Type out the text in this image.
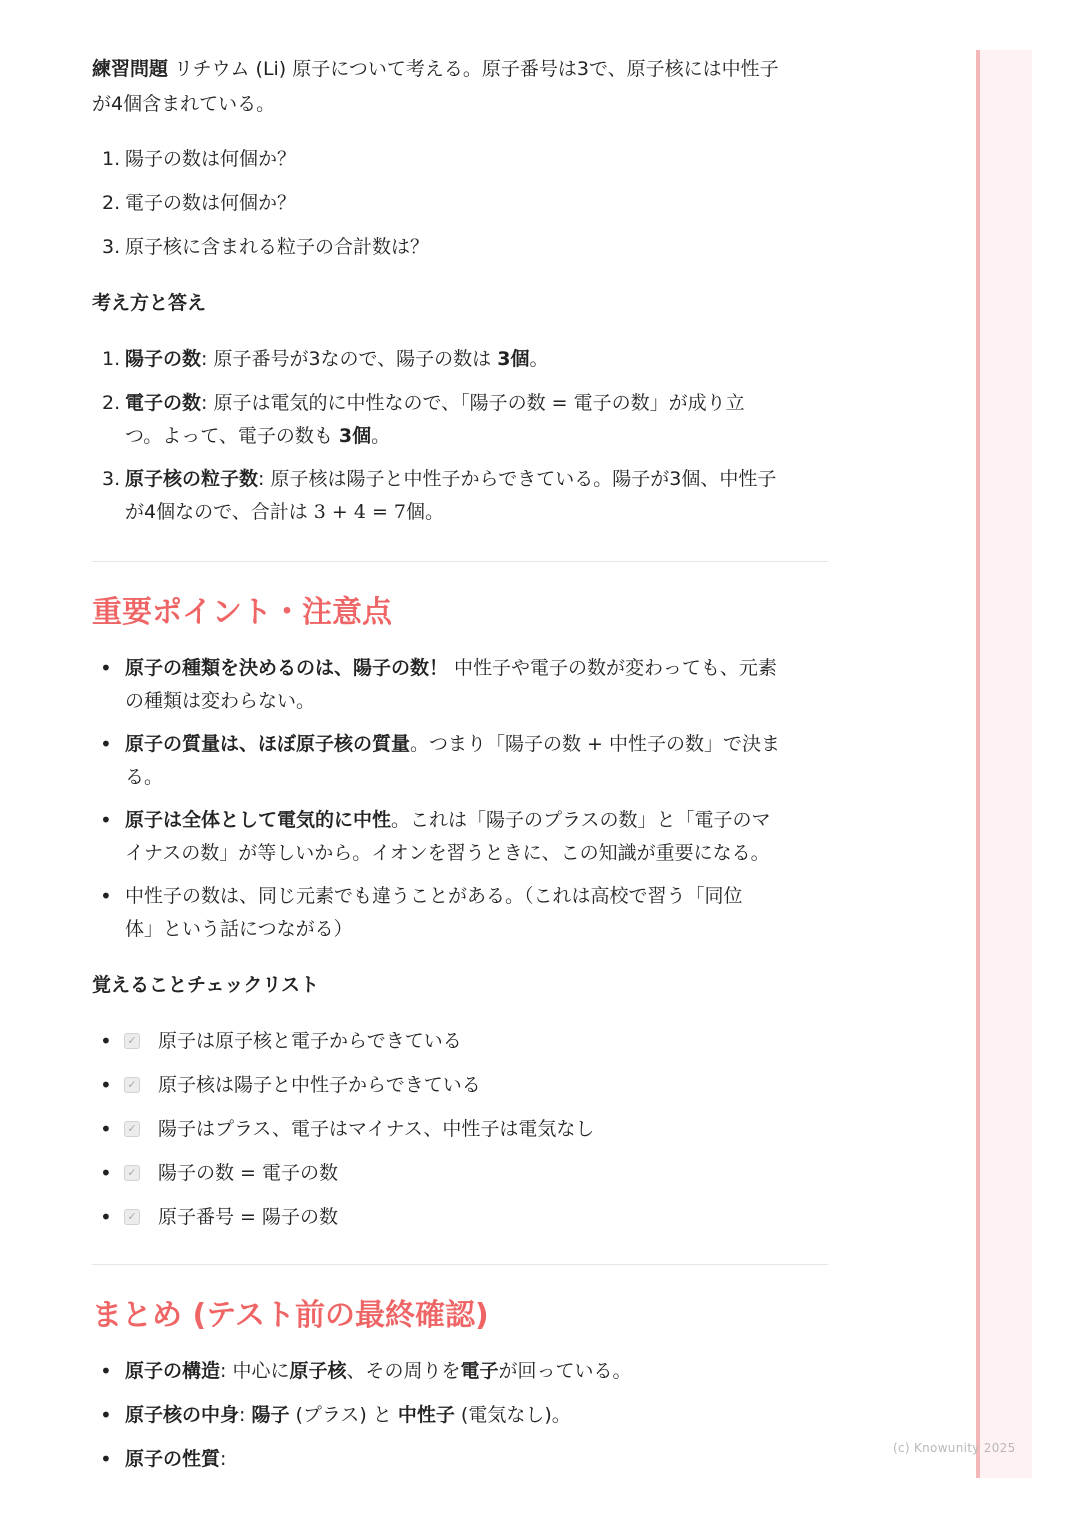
(c) Knowunity 2025
練習問題 リチウム (Li) 原子について考える。原子番号は3で、原子核には中性子
が4個含まれている。
1. 陽子の数は何個か？
2. 電子の数は何個か？
3. 原子核に含まれる粒子の合計数は？
考え方と答え
1. 陽子の数: 原子番号が3なので、陽子の数は 3個。
2. 電子の数: 原子は電気的に中性なので、「陽子の数 = 電子の数」が成り立
つ。よって、電子の数も 3個。
3. 原子核の粒子数: 原子核は陽子と中性子からできている。陽子が3個、中性子
が4個なので、合計は 3 + 4 = 7個。
重要ポイント・注意点
• 原子の種類を決めるのは、陽子の数！ 中性子や電子の数が変わっても、元素
の種類は変わらない。
• 原子の質量は、ほぼ原子核の質量。つまり「陽子の数 + 中性子の数」で決ま
る。
• 原子は全体として電気的に中性。これは「陽子のプラスの数」と「電子のマ
イナスの数」が等しいから。イオンを習うときに、この知識が重要になる。
• 中性子の数は、同じ元素でも違うことがある。（これは高校で習う「同位
体」という話につながる）
覚えることチェックリスト
•	✓ 原子は原子核と電子からできている
•	✓ 原子核は陽子と中性子からできている
•	✓ 陽子はプラス、電子はマイナス、中性子は電気なし
•	✓ 陽子の数 = 電子の数
•	✓ 原子番号 = 陽子の数
まとめ (テスト前の最終確認)
• 原子の構造: 中心に原子核、その周りを電子が回っている。
• 原子核の中身: 陽子 (プラス) と 中性子 (電気なし)。
• 原子の性質:
